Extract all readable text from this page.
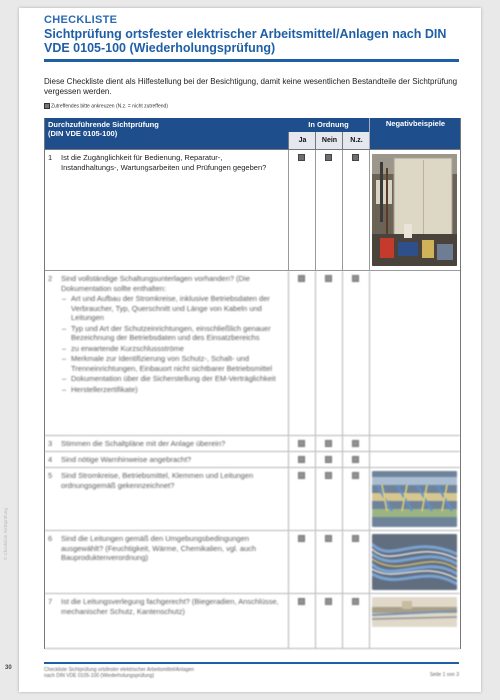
CHECKLISTE
Sichtprüfung ortsfester elektrischer Arbeitsmittel/Anlagen nach DIN VDE 0105-100 (Wiederholungsprüfung)
Diese Checkliste dient als Hilfestellung bei der Besichtigung, damit keine wesentlichen Bestandteile der Sichtprüfung vergessen werden.
Zutreffendes bitte ankreuzen (N.z. = nicht zutreffend)
Durchzuführende Sichtprüfung
(DIN VDE 0105-100)
In Ordnung
Ja	Nein	N.z.
Negativbeispiele
1 Ist die Zugänglichkeit für Bedienung, Reparatur-, Instandhaltungs-, Wartungsarbeiten und Prüfungen gegeben?
2 Sind vollständige Schaltungsunterlagen vorhanden? (Die Dokumentation sollte enthalten:
– Art und Aufbau der Stromkreise, inklusive Betriebsdaten der Verbraucher, Typ, Querschnitt und Länge von Kabeln und Leitungen
– Typ und Art der Schutzeinrichtungen, einschließlich genauer Bezeichnung der Betriebsdaten und des Einsatzbereichs
– zu erwartende Kurzschlussströme
– Merkmale zur Identifizierung von Schutz-, Schalt- und Trenneinrichtungen, Einbauort nicht sichtbarer Betriebsmittel
– Dokumentation über die Sicherstellung der EM-Verträglichkeit
– Herstellerzertifikate)
3 Stimmen die Schaltpläne mit der Anlage überein?
4 Sind nötige Warnhinweise angebracht?
5 Sind Stromkreise, Betriebsmittel, Klemmen und Leitungen ordnungsgemäß gekennzeichnet?
6 Sind die Leitungen gemäß den Umgebungsbedingungen ausgewählt? (Feuchtigkeit, Wärme, Chemikalien, vgl. auch Bauproduktenverordnung)
7 Ist die Leitungsverlegung fachgerecht? (Biegeradien, Anschlüsse, mechanischer Schutz, Kantenschutz)
Checkliste Sichtprüfung ortsfester elektrischer Arbeitsmittel/Anlagen
nach DIN VDE 0105-100 (Wiederholungsprüfung)	Seite 1 von 3
© Checkliste Sichtprüfung
30
